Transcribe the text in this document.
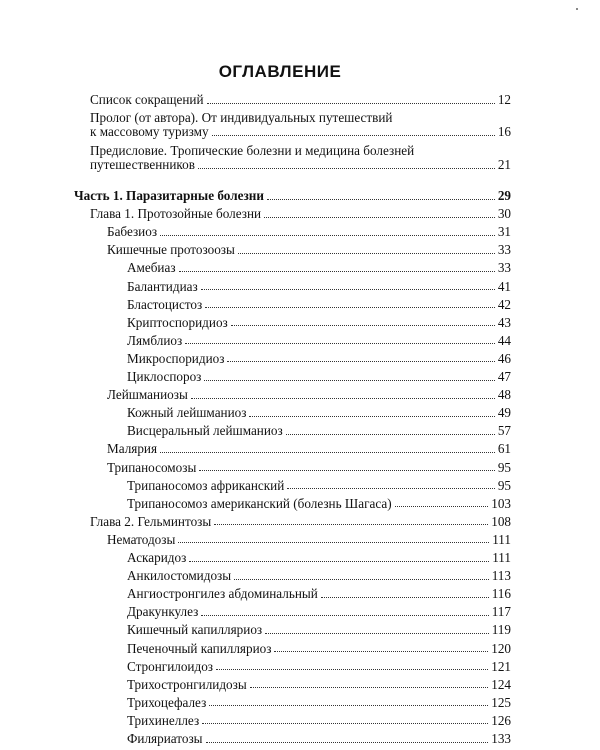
ОГЛАВЛЕНИЕ
Список сокращений	12
Пролог (от автора). От индивидуальных путешествий
к массовому туризму	16
Предисловие. Тропические болезни и медицина болезней
путешественников	21
Часть 1. Паразитарные болезни	29
Глава 1. Протозойные болезни	30
Бабезиоз	31
Кишечные протозоозы	33
Амебиаз	33
Балантидиаз	41
Бластоцистоз	42
Криптоспоридиоз	43
Лямблиоз	44
Микроспоридиоз	46
Циклоспороз	47
Лейшманиозы	48
Кожный лейшманиоз	49
Висцеральный лейшманиоз	57
Малярия	61
Трипаносомозы	95
Трипаносомоз африканский	95
Трипаносомоз американский (болезнь Шагаса)	103
Глава 2. Гельминтозы	108
Нематодозы	111
Аскаридоз	111
Анкилостомидозы	113
Ангиостронгилез абдоминальный	116
Дракункулез	117
Кишечный капилляриоз	119
Печеночный капилляриоз	120
Стронгилоидоз	121
Трихостронгилидозы	124
Трихоцефалез	125
Трихинеллез	126
Филяриатозы	133
